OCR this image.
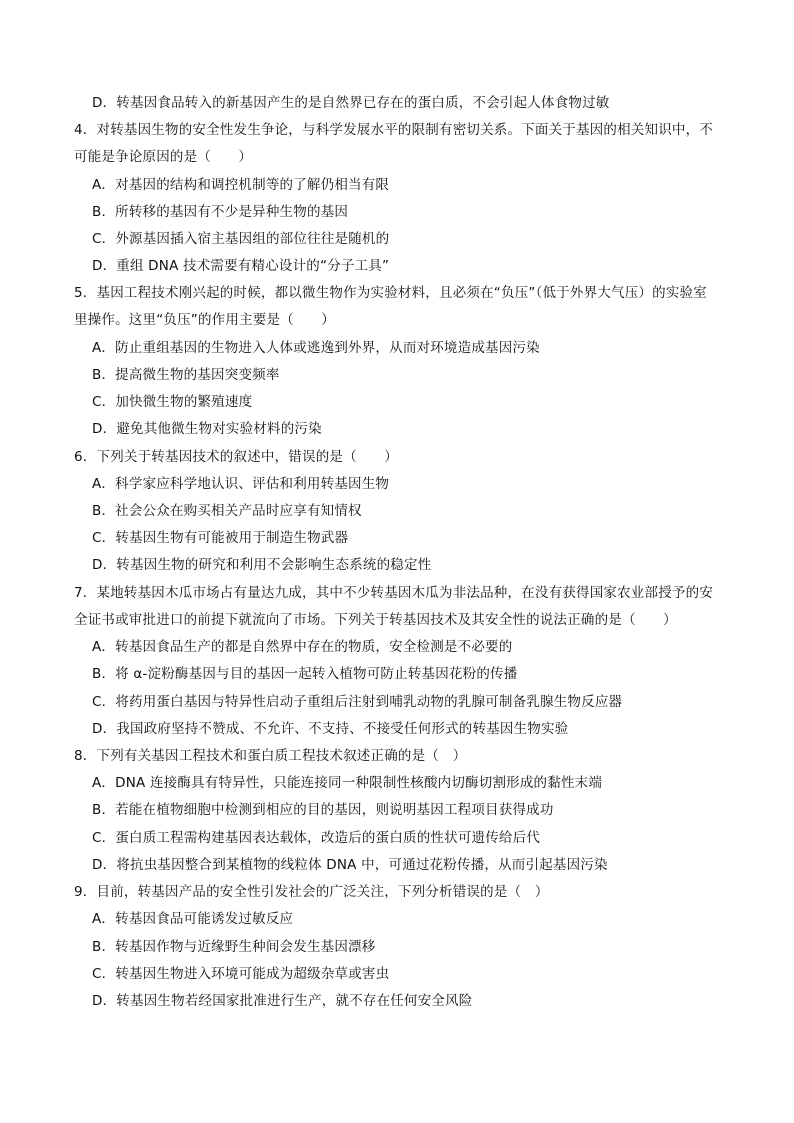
D．转基因食品转入的新基因产生的是自然界已存在的蛋白质，不会引起人体食物过敏
4．对转基因生物的安全性发生争论，与科学发展水平的限制有密切关系。下面关于基因的相关知识中，不
可能是争论原因的是（　　）
A．对基因的结构和调控机制等的了解仍相当有限
B．所转移的基因有不少是异种生物的基因
C．外源基因插入宿主基因组的部位往往是随机的
D．重组 DNA 技术需要有精心设计的“分子工具”
5．基因工程技术刚兴起的时候，都以微生物作为实验材料，且必须在“负压”（低于外界大气压）的实验室
里操作。这里“负压”的作用主要是（　　）
A．防止重组基因的生物进入人体或逃逸到外界，从而对环境造成基因污染
B．提高微生物的基因突变频率
C．加快微生物的繁殖速度
D．避免其他微生物对实验材料的污染
6．下列关于转基因技术的叙述中，错误的是（　　）
A．科学家应科学地认识、评估和利用转基因生物
B．社会公众在购买相关产品时应享有知情权
C．转基因生物有可能被用于制造生物武器
D．转基因生物的研究和利用不会影响生态系统的稳定性
7．某地转基因木瓜市场占有量达九成，其中不少转基因木瓜为非法品种，在没有获得国家农业部授予的安
全证书或审批进口的前提下就流向了市场。下列关于转基因技术及其安全性的说法正确的是（　　）
A．转基因食品生产的都是自然界中存在的物质，安全检测是不必要的
B．将 α-淀粉酶基因与目的基因一起转入植物可防止转基因花粉的传播
C．将药用蛋白基因与特异性启动子重组后注射到哺乳动物的乳腺可制备乳腺生物反应器
D．我国政府坚持不赞成、不允许、不支持、不接受任何形式的转基因生物实验
8．下列有关基因工程技术和蛋白质工程技术叙述正确的是（　）
A．DNA 连接酶具有特异性，只能连接同一种限制性核酸内切酶切割形成的黏性末端
B．若能在植物细胞中检测到相应的目的基因，则说明基因工程项目获得成功
C．蛋白质工程需构建基因表达载体，改造后的蛋白质的性状可遗传给后代
D．将抗虫基因整合到某植物的线粒体 DNA 中，可通过花粉传播，从而引起基因污染
9．目前，转基因产品的安全性引发社会的广泛关注，下列分析错误的是（　）
A．转基因食品可能诱发过敏反应
B．转基因作物与近缘野生种间会发生基因漂移
C．转基因生物进入环境可能成为超级杂草或害虫
D．转基因生物若经国家批准进行生产，就不存在任何安全风险
